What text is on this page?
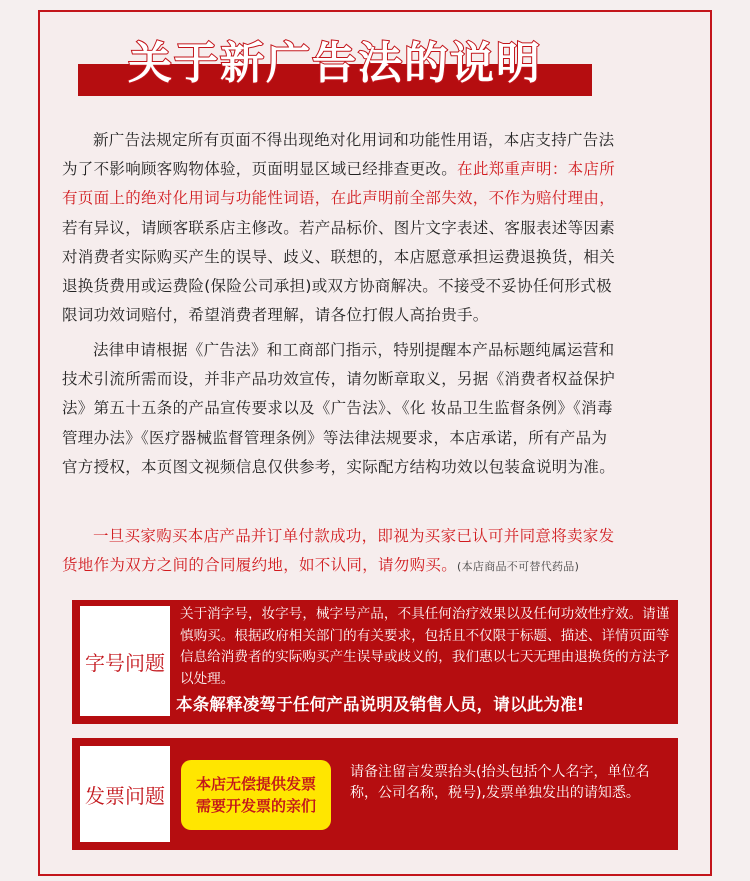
关于新广告法的说明
新广告法规定所有页面不得出现绝对化用词和功能性用语，本店支持广告法为了不影响顾客购物体验，页面明显区域已经排查更改。在此郑重声明：本店所有页面上的绝对化用词与功能性词语，在此声明前全部失效，不作为赔付理由，若有异议，请顾客联系店主修改。若产品标价、图片文字表述、客服表述等因素对消费者实际购买产生的误导、歧义、联想的，本店愿意承担运费退换货，相关退换货费用或运费险(保险公司承担)或双方协商解决。不接受不妥协任何形式极限词功效词赔付，希望消费者理解，请各位打假人高抬贵手。
法律申请根据《广告法》和工商部门指示，特别提醒本产品标题纯属运营和技术引流所需而设，并非产品功效宣传，请勿断章取义，另据《消费者权益保护法》第五十五条的产品宣传要求以及《广告法》、《化 妆品卫生监督条例》《消毒管理办法》《医疗器械监督管理条例》等法律法规要求，本店承诺，所有产品为官方授权，本页图文视频信息仅供参考，实际配方结构功效以包装盒说明为准。
一旦买家购买本店产品并订单付款成功，即视为买家已认可并同意将卖家发货地作为双方之间的合同履约地，如不认同，请勿购买。(本店商品不可替代药品)
字号问题
关于消字号，妆字号，械字号产品，不具任何治疗效果以及任何功效性疗效。请谨慎购买。根据政府相关部门的有关要求，包括且不仅限于标题、描述、详情页面等信息给消费者的实际购买产生误导或歧义的，我们惠以七天无理由退换货的方法予以处理。
本条解释凌驾于任何产品说明及销售人员，请以此为准!
发票问题	本店无偿提供发票
需要开发票的亲们
请备注留言发票抬头(抬头包括个人名字，单位名称，公司名称，税号),发票单独发出的请知悉。
